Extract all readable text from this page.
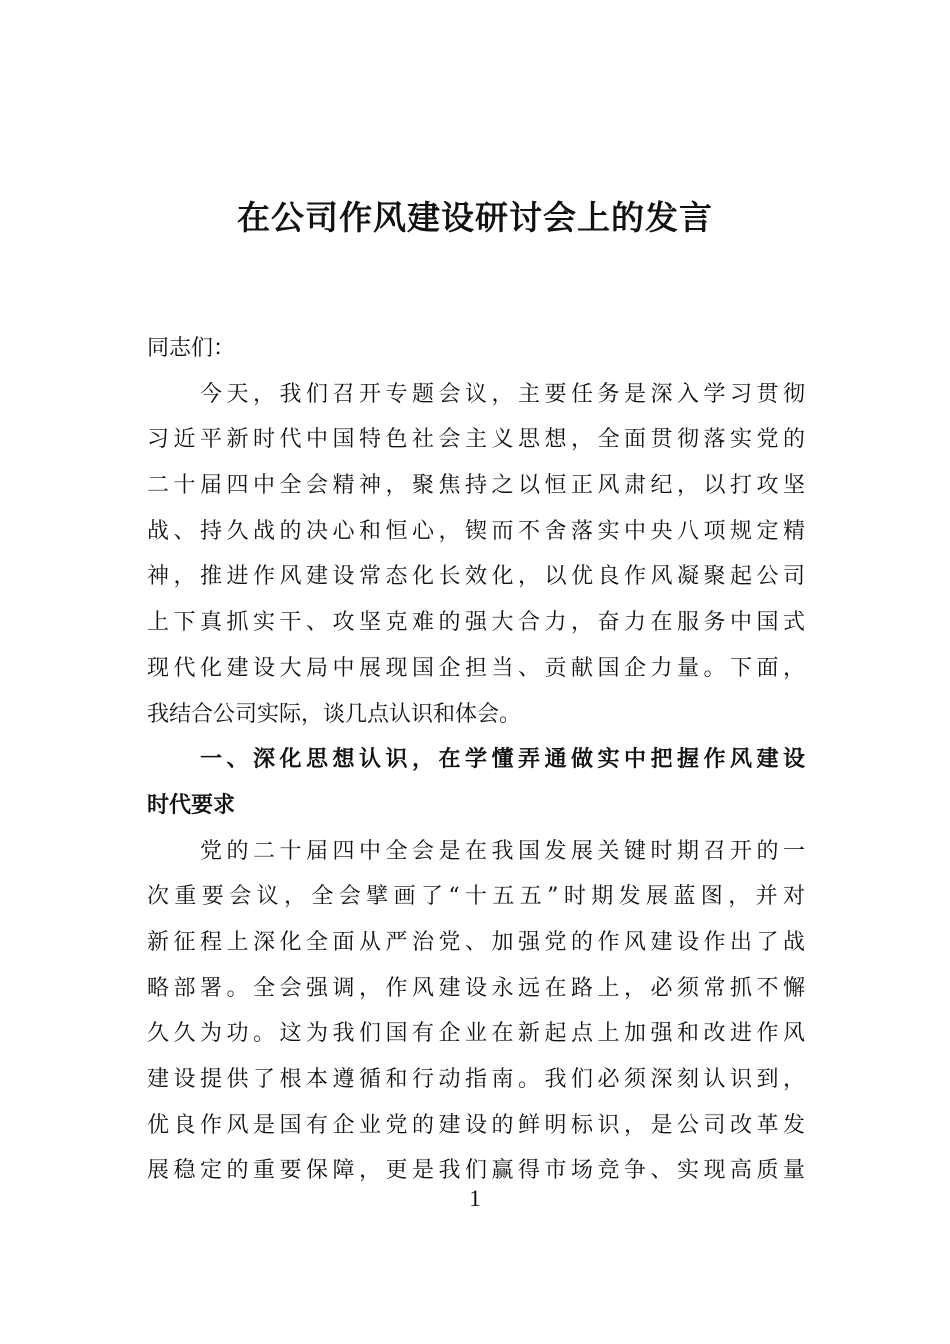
在公司作风建设研讨会上的发言
同志们：
　　今天，我们召开专题会议，主要任务是深入学习贯彻
习近平新时代中国特色社会主义思想，全面贯彻落实党的
二十届四中全会精神，聚焦持之以恒正风肃纪，以打攻坚
战、持久战的决心和恒心，锲而不舍落实中央八项规定精
神，推进作风建设常态化长效化，以优良作风凝聚起公司
上下真抓实干、攻坚克难的强大合力，奋力在服务中国式
现代化建设大局中展现国企担当、贡献国企力量。下面，
我结合公司实际，谈几点认识和体会。
　　一、深化思想认识，在学懂弄通做实中把握作风建设
时代要求
　　党的二十届四中全会是在我国发展关键时期召开的一
次重要会议，全会擘画了“十五五”时期发展蓝图，并对
新征程上深化全面从严治党、加强党的作风建设作出了战
略部署。全会强调，作风建设永远在路上，必须常抓不懈
久久为功。这为我们国有企业在新起点上加强和改进作风
建设提供了根本遵循和行动指南。我们必须深刻认识到，
优良作风是国有企业党的建设的鲜明标识，是公司改革发
展稳定的重要保障，更是我们赢得市场竞争、实现高质量
1
